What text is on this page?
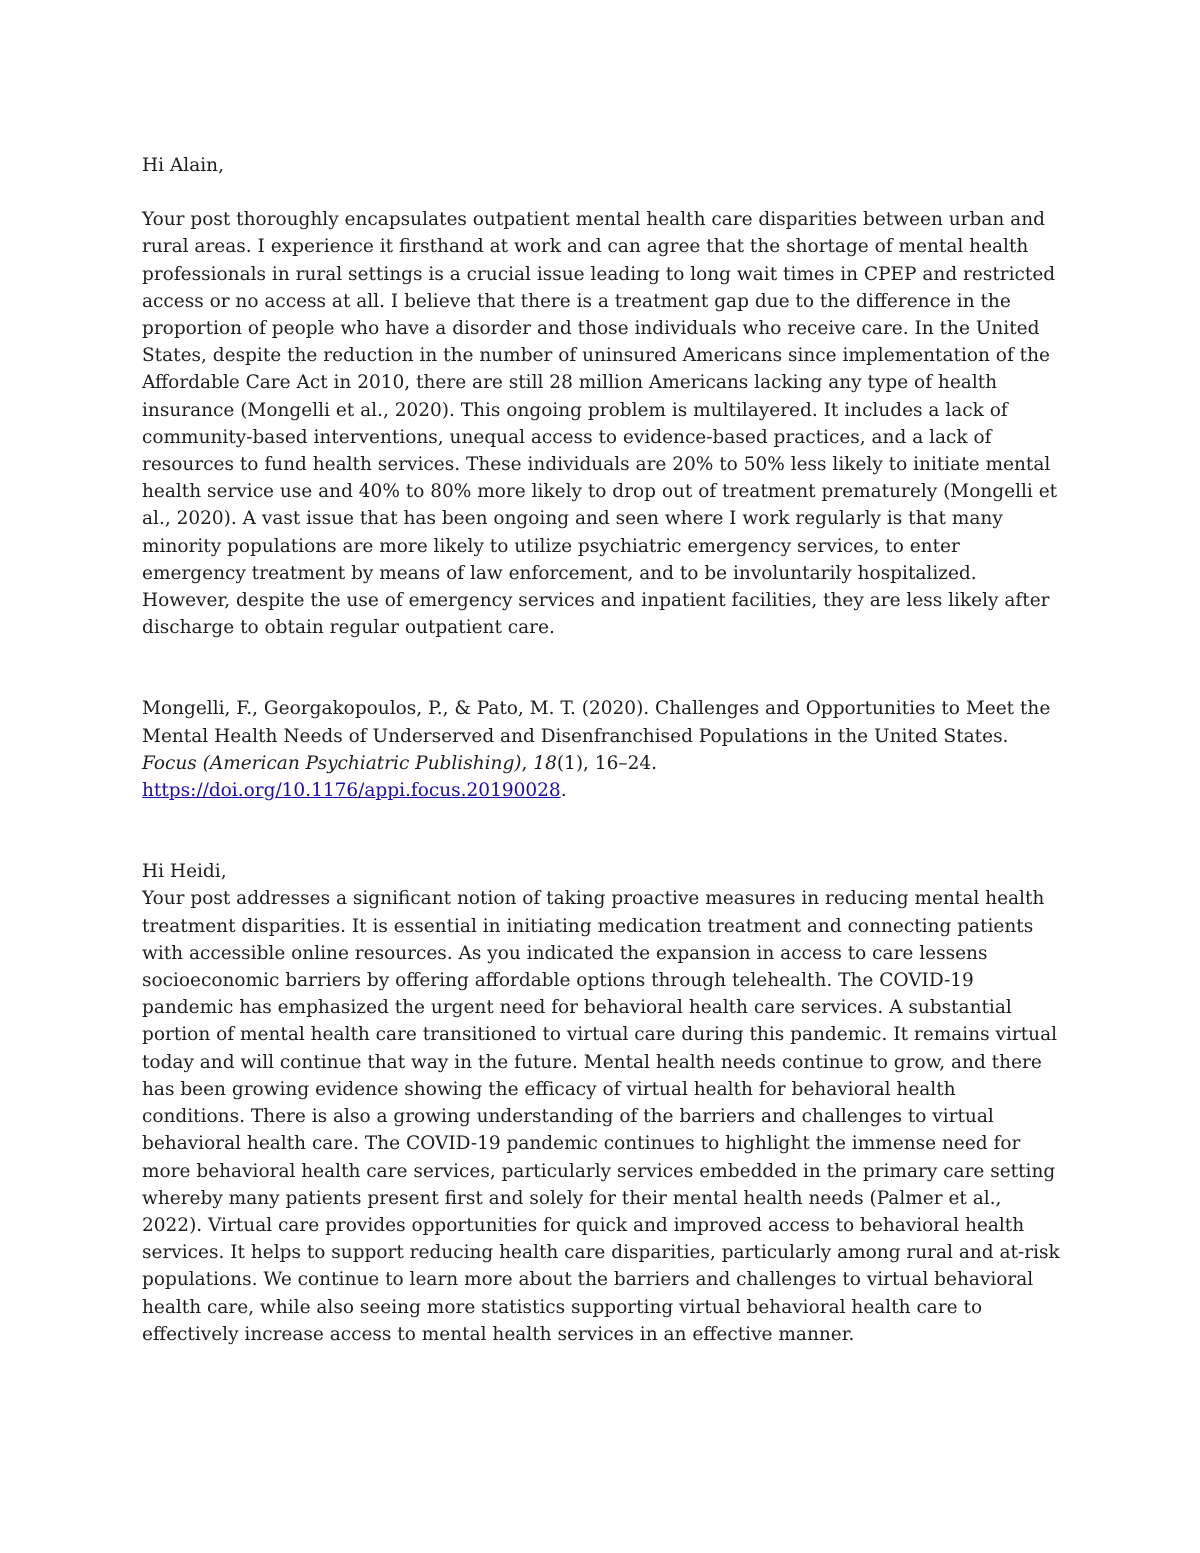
Hi Alain,

Your post thoroughly encapsulates outpatient mental health care disparities between urban and rural areas. I experience it firsthand at work and can agree that the shortage of mental health professionals in rural settings is a crucial issue leading to long wait times in CPEP and restricted access or no access at all. I believe that there is a treatment gap due to the difference in the proportion of people who have a disorder and those individuals who receive care. In the United States, despite the reduction in the number of uninsured Americans since implementation of the Affordable Care Act in 2010, there are still 28 million Americans lacking any type of health insurance (Mongelli et al., 2020). This ongoing problem is multilayered. It includes a lack of community-based interventions, unequal access to evidence-based practices, and a lack of resources to fund health services. These individuals are 20% to 50% less likely to initiate mental health service use and 40% to 80% more likely to drop out of treatment prematurely (Mongelli et al., 2020). A vast issue that has been ongoing and seen where I work regularly is that many minority populations are more likely to utilize psychiatric emergency services, to enter emergency treatment by means of law enforcement, and to be involuntarily hospitalized. However, despite the use of emergency services and inpatient facilities, they are less likely after discharge to obtain regular outpatient care.

Mongelli, F., Georgakopoulos, P., & Pato, M. T. (2020). Challenges and Opportunities to Meet the Mental Health Needs of Underserved and Disenfranchised Populations in the United States. Focus (American Psychiatric Publishing), 18(1), 16–24.
https://doi.org/10.1176/appi.focus.20190028.

Hi Heidi,

Your post addresses a significant notion of taking proactive measures in reducing mental health treatment disparities. It is essential in initiating medication treatment and connecting patients with accessible online resources. As you indicated the expansion in access to care lessens socioeconomic barriers by offering affordable options through telehealth. The COVID-19 pandemic has emphasized the urgent need for behavioral health care services. A substantial portion of mental health care transitioned to virtual care during this pandemic. It remains virtual today and will continue that way in the future. Mental health needs continue to grow, and there has been growing evidence showing the efficacy of virtual health for behavioral health conditions. There is also a growing understanding of the barriers and challenges to virtual behavioral health care. The COVID-19 pandemic continues to highlight the immense need for more behavioral health care services, particularly services embedded in the primary care setting whereby many patients present first and solely for their mental health needs (Palmer et al., 2022). Virtual care provides opportunities for quick and improved access to behavioral health services. It helps to support reducing health care disparities, particularly among rural and at-risk populations. We continue to learn more about the barriers and challenges to virtual behavioral health care, while also seeing more statistics supporting virtual behavioral health care to effectively increase access to mental health services in an effective manner.
